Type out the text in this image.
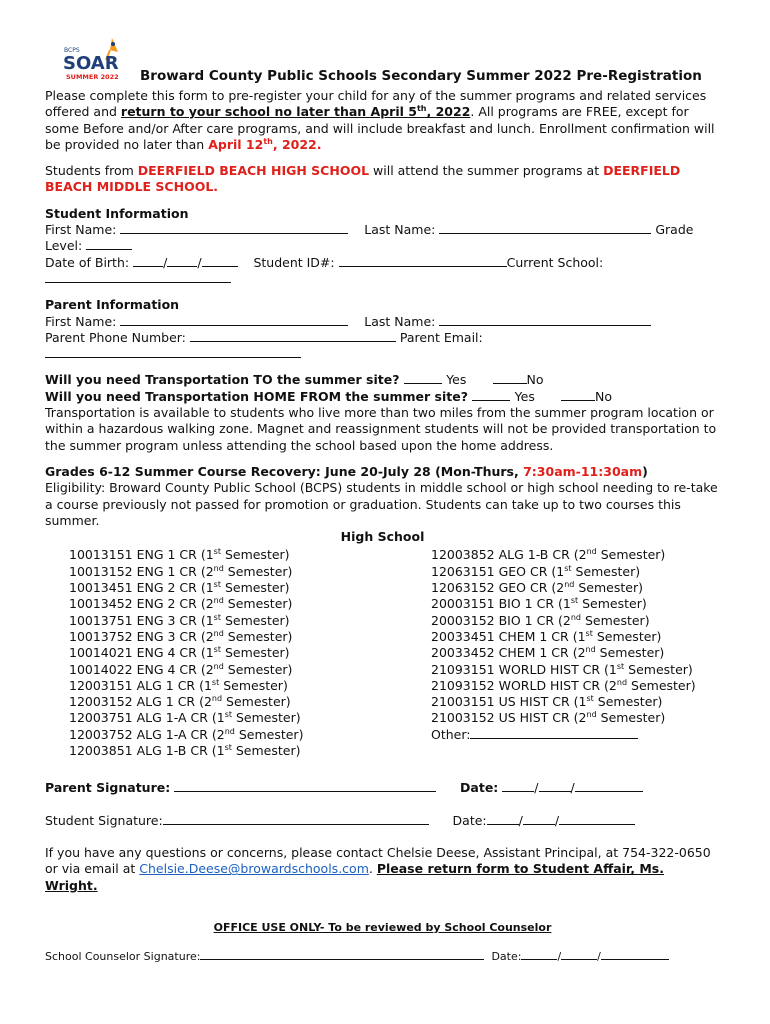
BCPS
SOAR
SUMMER 2022 Broward County Public Schools Secondary Summer 2022 Pre-Registration

Please complete this form to pre-register your child for any of the summer programs and related services offered and return to your school no later than April 5th, 2022. All programs are FREE, except for some Before and/or After care programs, and will include breakfast and lunch. Enrollment confirmation will be provided no later than April 12th, 2022.

Students from DEERFIELD BEACH HIGH SCHOOL will attend the summer programs at DEERFIELD BEACH MIDDLE SCHOOL.

Student Information

First Name:	Last Name:	Grade

Level:

Date of Birth:	/ /	Student ID#:	Current School:

Parent Information

First Name:	Last Name:

Parent Phone Number:	Parent Email:

Will you need Transportation TO the summer site?	Yes	No

Will you need Transportation HOME FROM the summer site?	Yes	No

Transportation is available to students who live more than two miles from the summer program location or within a hazardous walking zone. Magnet and reassignment students will not be provided transportation to the summer program unless attending the school based upon the home address.

Grades 6-12 Summer Course Recovery: June 20-July 28 (Mon-Thurs, 7:30am-11:30am)

Eligibility: Broward County Public School (BCPS) students in middle school or high school needing to re-take a course previously not passed for promotion or graduation. Students can take up to two courses this summer.

High School

10013151 ENG 1 CR (1st Semester)
10013152 ENG 1 CR (2nd Semester)
10013451 ENG 2 CR (1st Semester)
10013452 ENG 2 CR (2nd Semester)
10013751 ENG 3 CR (1st Semester)
10013752 ENG 3 CR (2nd Semester)
10014021 ENG 4 CR (1st Semester)
10014022 ENG 4 CR (2nd Semester)
12003151 ALG 1 CR (1st Semester)
12003152 ALG 1 CR (2nd Semester)
12003751 ALG 1-A CR (1st Semester)
12003752 ALG 1-A CR (2nd Semester)
12003851 ALG 1-B CR (1st Semester)
12003852 ALG 1-B CR (2nd Semester)
12063151 GEO CR (1st Semester)
12063152 GEO CR (2nd Semester)
20003151 BIO 1 CR (1st Semester)
20003152 BIO 1 CR (2nd Semester)
20033451 CHEM 1 CR (1st Semester)
20033452 CHEM 1 CR (2nd Semester)
21093151 WORLD HIST CR (1st Semester)
21093152 WORLD HIST CR (2nd Semester)
21003151 US HIST CR (1st Semester)
21003152 US HIST CR (2nd Semester)
Other:

Parent Signature:	Date:	/	/

Student Signature:	Date:	/	/

If you have any questions or concerns, please contact Chelsie Deese, Assistant Principal, at 754-322-0650 or via email at Chelsie.Deese@browardschools.com. Please return form to Student Affair, Ms. Wright.

OFFICE USE ONLY- To be reviewed by School Counselor

School Counselor Signature:	Date:	/	/
